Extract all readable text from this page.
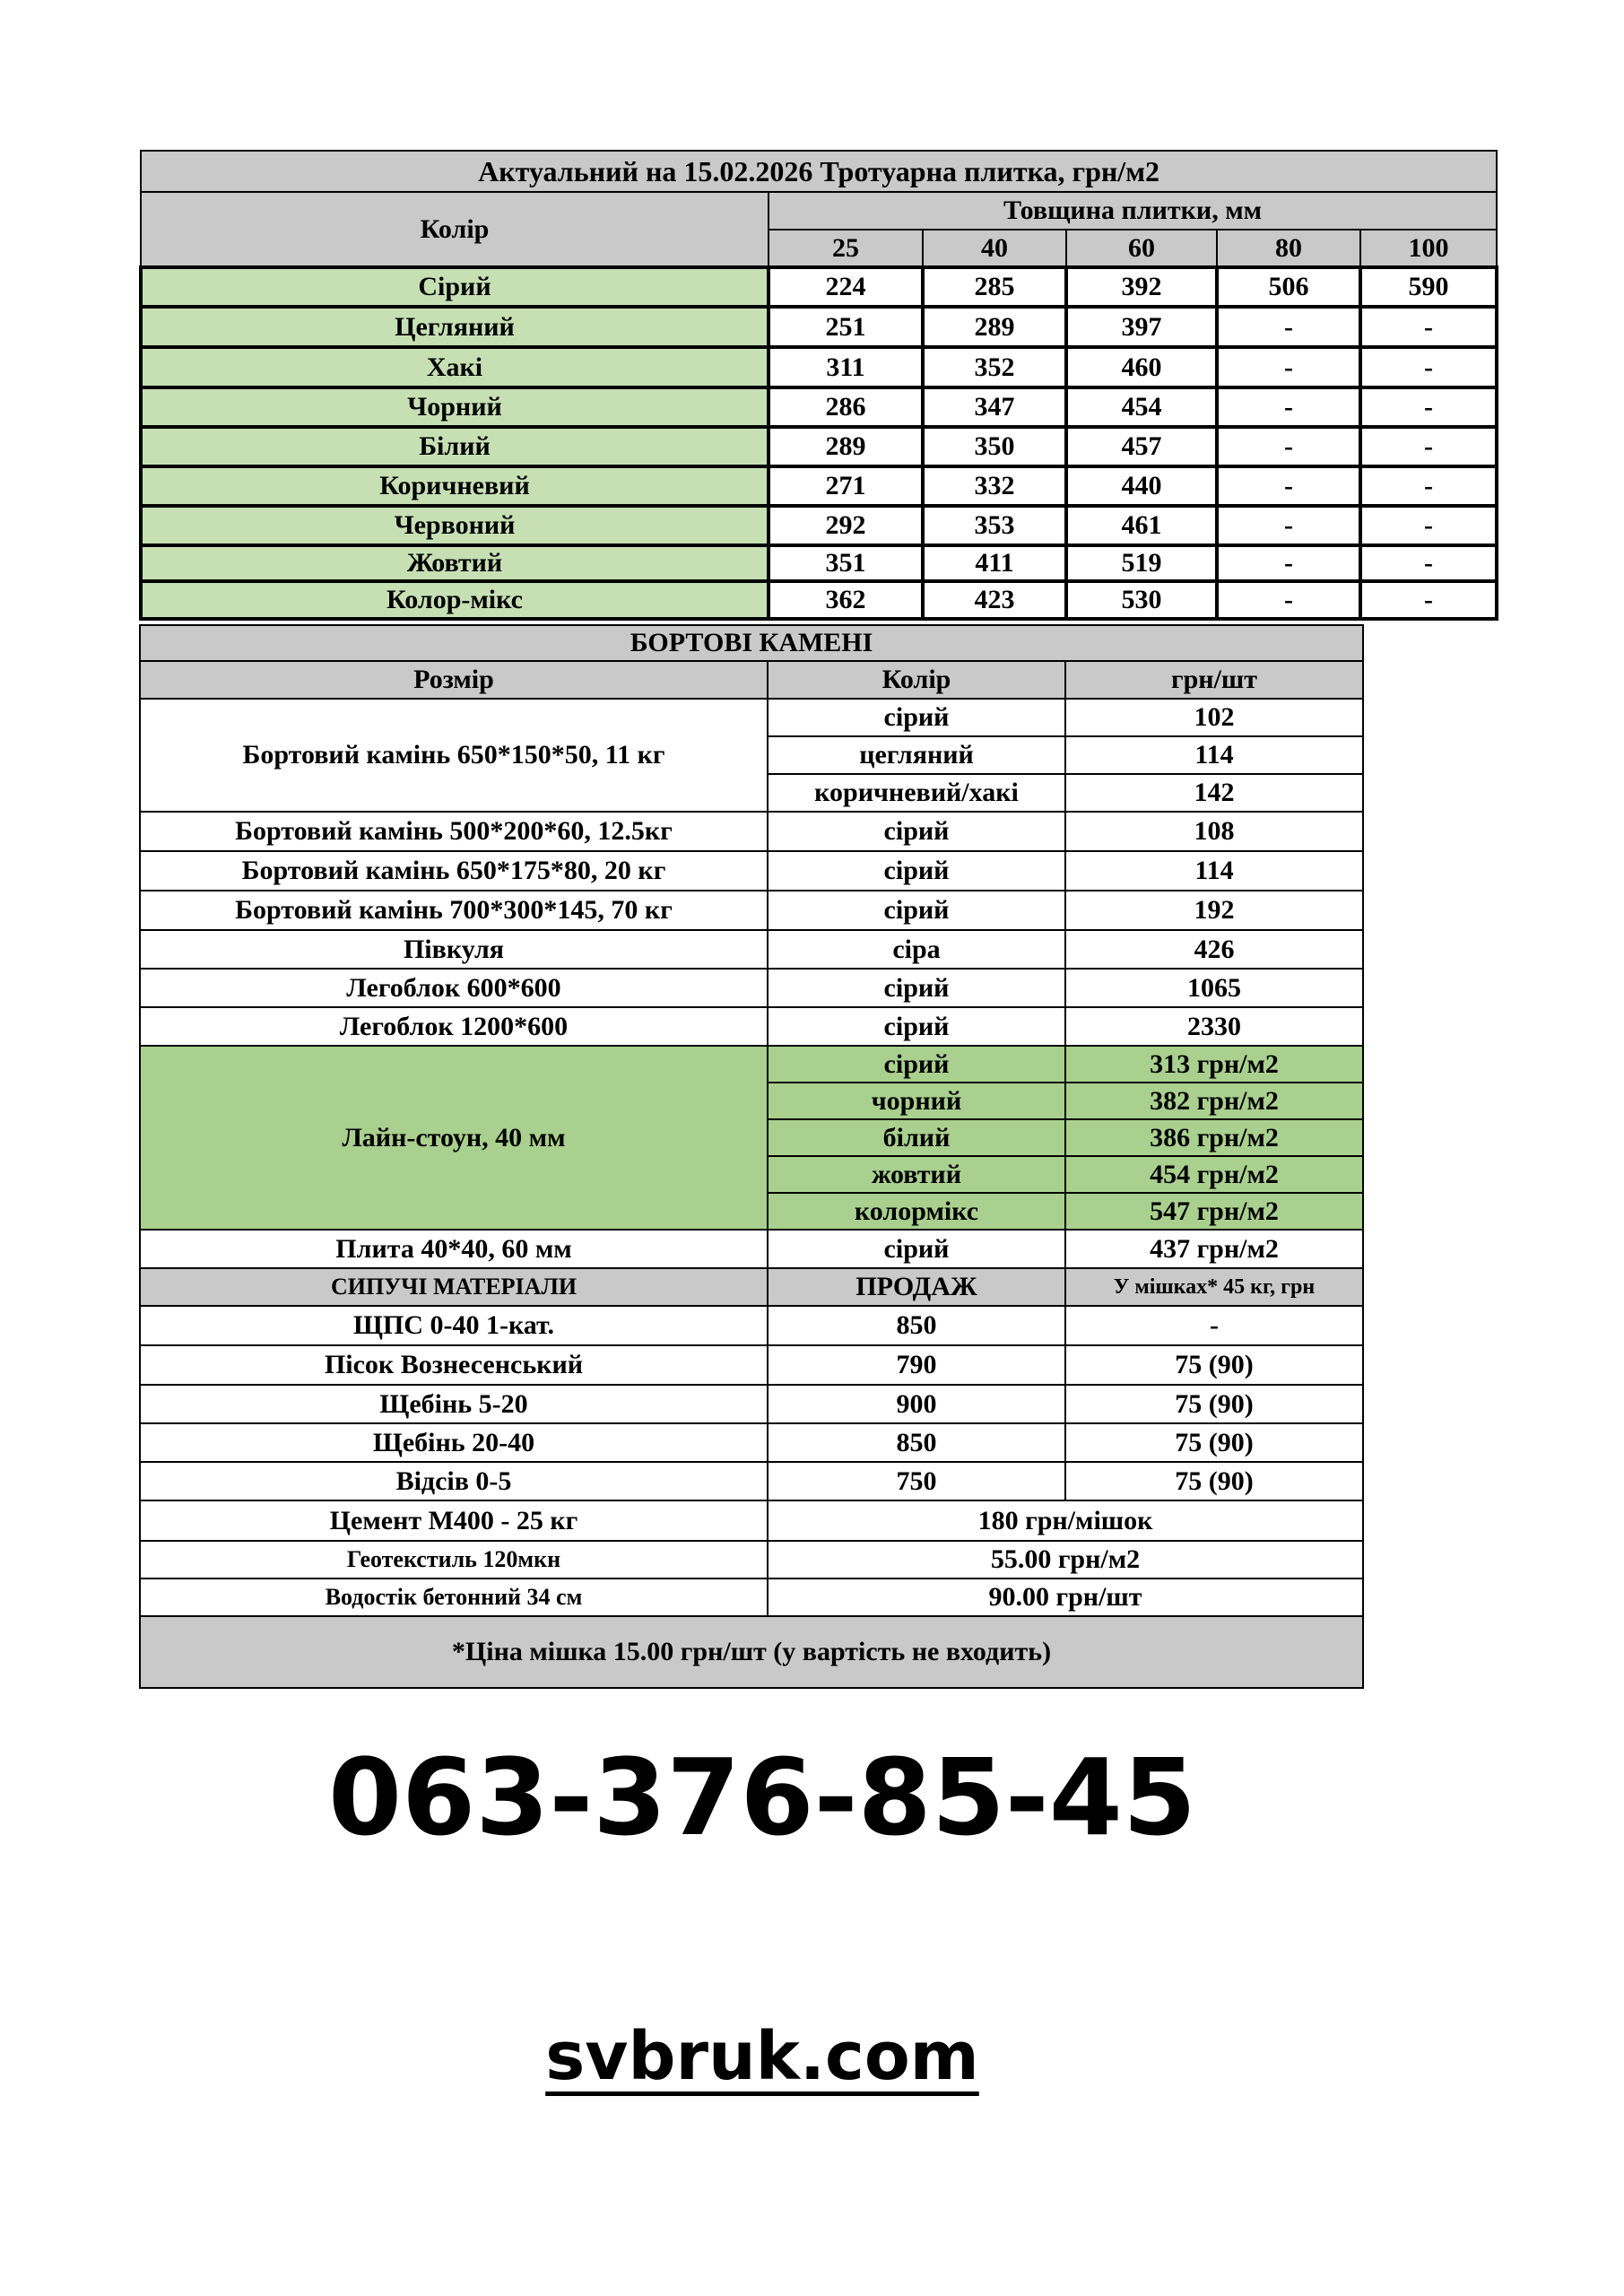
Актуальний на 15.02.2026 Тротуарна плитка, грн/м2					
Колір	Товщина плитки, мм				
	25	40	60	80	100
Сірий	224	285	392	506	590
Цегляний	251	289	397	-	-
Хакі	311	352	460	-	-
Чорний	286	347	454	-	-
Білий	289	350	457	-	-
Коричневий	271	332	440	-	-
Червоний	292	353	461	-	-
Жовтий	351	411	519	-	-
Колор-мікс	362	423	530	-	-
БОРТОВІ КАМЕНІ		
Розмір	Колір	грн/шт
Бортовий камінь 650*150*50, 11 кг	сірий	102
	цегляний	114
	коричневий/хакі	142
Бортовий камінь 500*200*60, 12.5кг	сірий	108
Бортовий камінь 650*175*80, 20 кг	сірий	114
Бортовий камінь 700*300*145, 70 кг	сірий	192
Півкуля	сіра	426
Легоблок 600*600	сірий	1065
Легоблок 1200*600	сірий	2330
Лайн-стоун, 40 мм	сірий	313 грн/м2
	чорний	382 грн/м2
	білий	386 грн/м2
	жовтий	454 грн/м2
	колормікс	547 грн/м2
Плита 40*40, 60 мм	сірий	437 грн/м2
СИПУЧІ МАТЕРІАЛИ	ПРОДАЖ	У мішках* 45 кг, грн
ЩПС 0-40 1-кат.	850	-
Пісок Вознесенський	790	75 (90)
Щебінь 5-20	900	75 (90)
Щебінь 20-40	850	75 (90)
Відсів 0-5	750	75 (90)
Цемент М400 - 25 кг	180 грн/мішок	
Геотекстиль 120мкн	55.00 грн/м2	
Водостік бетонний 34 см	90.00 грн/шт	
*Ціна мішка 15.00 грн/шт (у вартість не входить)		
063-376-85-45
svbruk.com
